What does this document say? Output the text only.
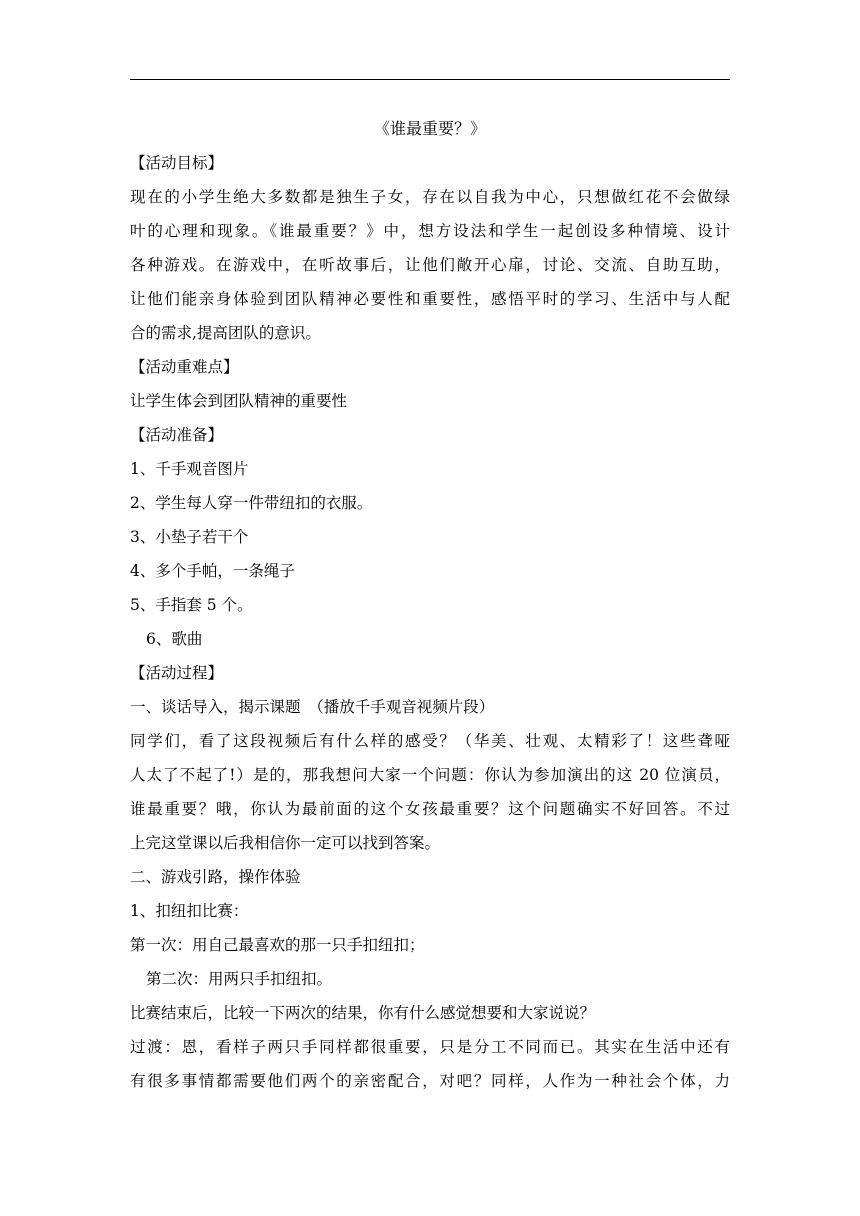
《谁最重要？》
【活动目标】
现在的小学生绝大多数都是独生子女，存在以自我为中心，只想做红花不会做绿
叶的心理和现象。《谁最重要？》中，想方设法和学生一起创设多种情境、设计
各种游戏。在游戏中，在听故事后，让他们敞开心扉，讨论、交流、自助互助，
让他们能亲身体验到团队精神必要性和重要性，感悟平时的学习、生活中与人配
合的需求,提高团队的意识。
【活动重难点】
让学生体会到团队精神的重要性
【活动准备】
1、千手观音图片
2、学生每人穿一件带纽扣的衣服。
3、小垫子若干个
4、多个手帕，一条绳子
5、手指套 5 个。
6、歌曲
【活动过程】
一、谈话导入，揭示课题　（播放千手观音视频片段）
同学们，看了这段视频后有什么样的感受？（华美、壮观、太精彩了！这些聋哑
人太了不起了!）是的，那我想问大家一个问题：你认为参加演出的这 20 位演员，
谁最重要？哦，你认为最前面的这个女孩最重要？这个问题确实不好回答。不过
上完这堂课以后我相信你一定可以找到答案。
二、游戏引路，操作体验
1、扣纽扣比赛：
第一次：用自己最喜欢的那一只手扣纽扣；
第二次：用两只手扣纽扣。
比赛结束后，比较一下两次的结果，你有什么感觉想要和大家说说？
过渡：恩，看样子两只手同样都很重要，只是分工不同而已。其实在生活中还有
有很多事情都需要他们两个的亲密配合，对吧？同样，人作为一种社会个体，力
